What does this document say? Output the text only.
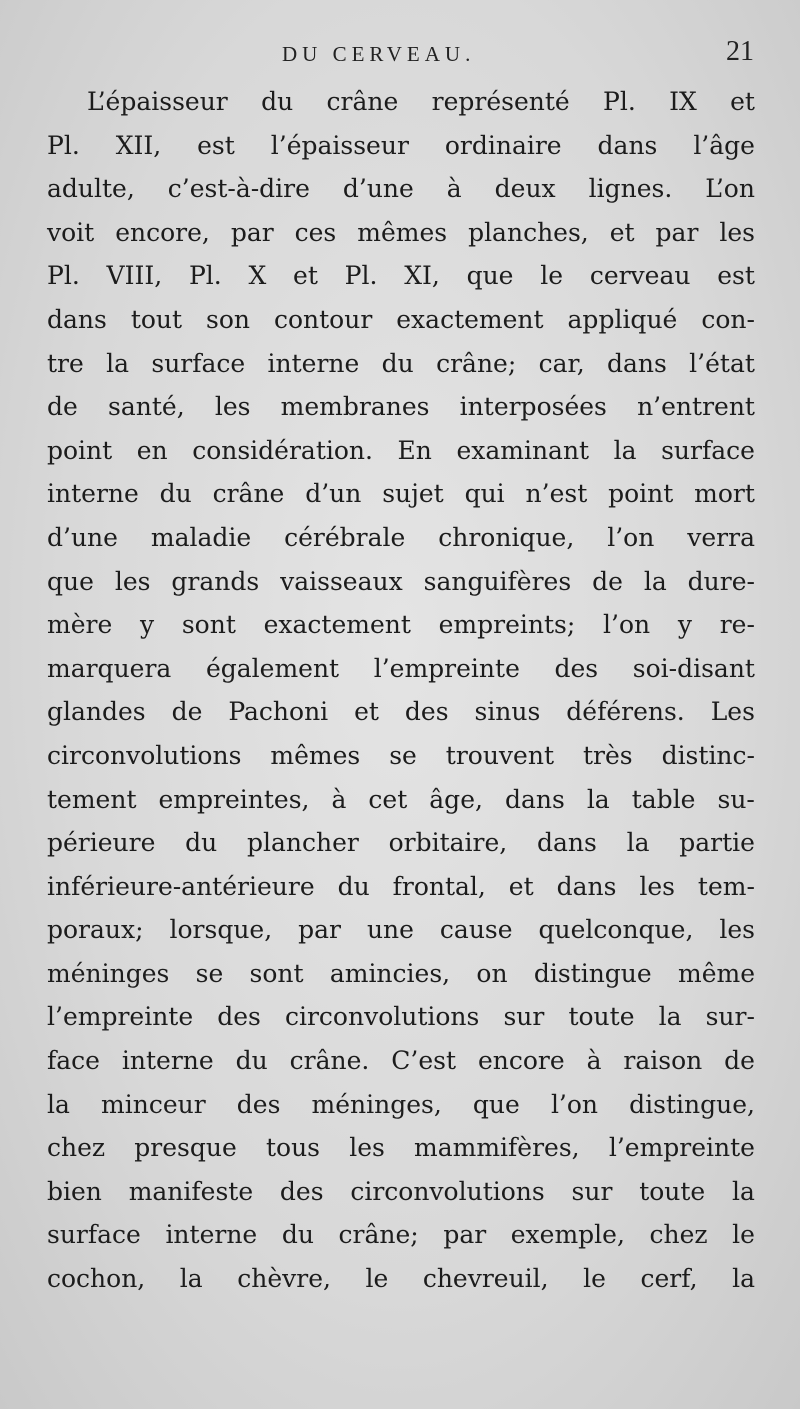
DU CERVEAU.	21
L’épaisseur du crâne représenté Pl. IX et
Pl. XII, est l’épaisseur ordinaire dans l’âge
adulte, c’est-à-dire d’une à deux lignes. L’on
voit encore, par ces mêmes planches, et par les
Pl. VIII, Pl. X et Pl. XI, que le cerveau est
dans tout son contour exactement appliqué con-
tre la surface interne du crâne; car, dans l’état
de santé, les membranes interposées n’entrent
point en considération. En examinant la surface
interne du crâne d’un sujet qui n’est point mort
d’une maladie cérébrale chronique, l’on verra
que les grands vaisseaux sanguifères de la dure-
mère y sont exactement empreints; l’on y re-
marquera également l’empreinte des soi-disant
glandes de Pachoni et des sinus déférens. Les
circonvolutions mêmes se trouvent très distinc-
tement empreintes, à cet âge, dans la table su-
périeure du plancher orbitaire, dans la partie
inférieure-antérieure du frontal, et dans les tem-
poraux; lorsque, par une cause quelconque, les
méninges se sont amincies, on distingue même
l’empreinte des circonvolutions sur toute la sur-
face interne du crâne. C’est encore à raison de
la minceur des méninges, que l’on distingue,
chez presque tous les mammifères, l’empreinte
bien manifeste des circonvolutions sur toute la
surface interne du crâne; par exemple, chez le
cochon, la chèvre, le chevreuil, le cerf, la
